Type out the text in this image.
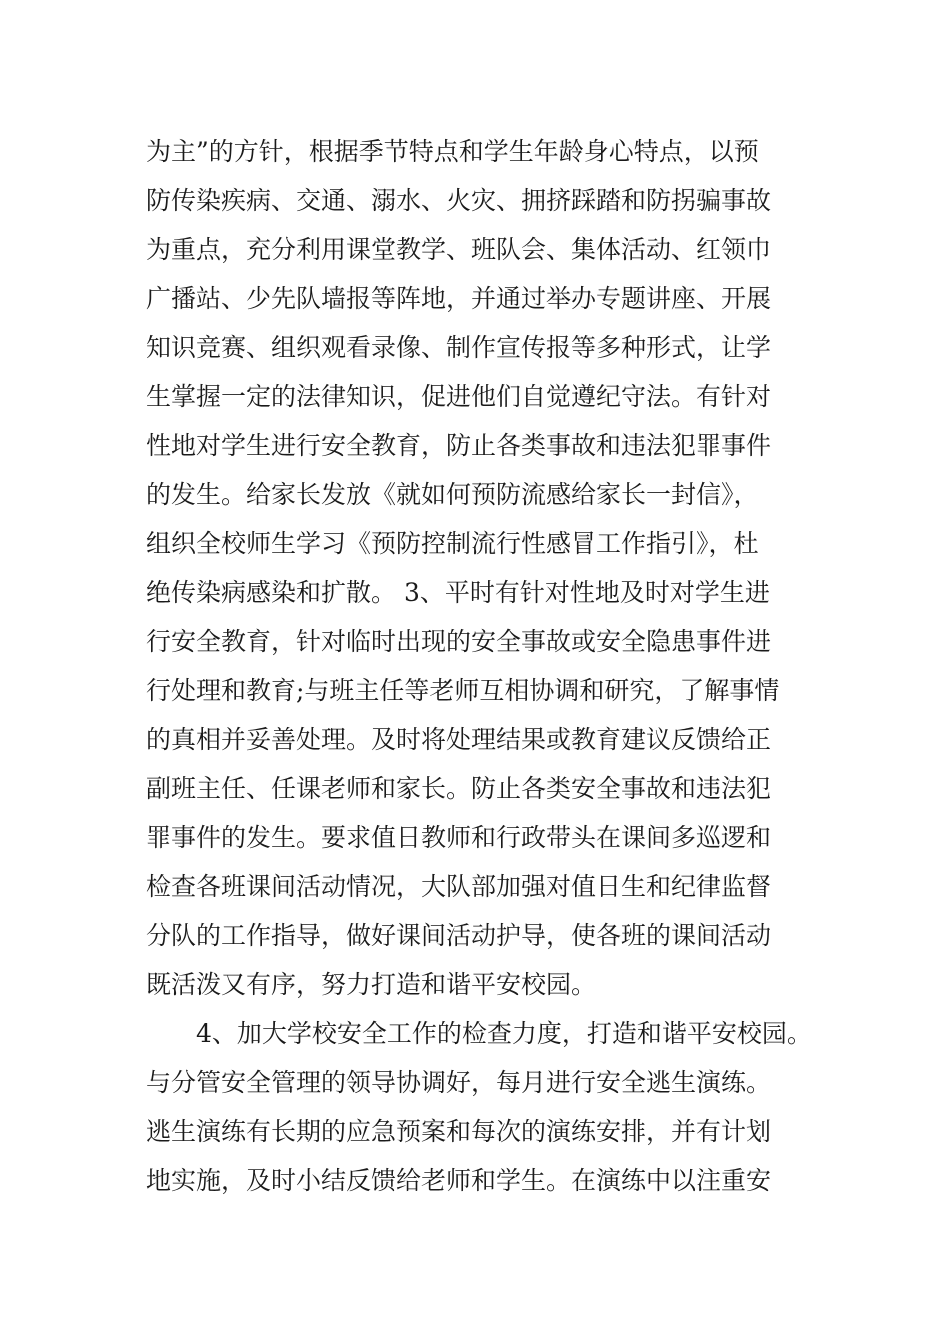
为主”的方针，根据季节特点和学生年龄身心特点，以预
防传染疾病、交通、溺水、火灾、拥挤踩踏和防拐骗事故
为重点，充分利用课堂教学、班队会、集体活动、红领巾
广播站、少先队墙报等阵地，并通过举办专题讲座、开展
知识竞赛、组织观看录像、制作宣传报等多种形式，让学
生掌握一定的法律知识，促进他们自觉遵纪守法。有针对
性地对学生进行安全教育，防止各类事故和违法犯罪事件
的发生。给家长发放《就如何预防流感给家长一封信》，
组织全校师生学习《预防控制流行性感冒工作指引》，杜
绝传染病感染和扩散。 3、平时有针对性地及时对学生进
行安全教育，针对临时出现的安全事故或安全隐患事件进
行处理和教育;与班主任等老师互相协调和研究，了解事情
的真相并妥善处理。及时将处理结果或教育建议反馈给正
副班主任、任课老师和家长。防止各类安全事故和违法犯
罪事件的发生。要求值日教师和行政带头在课间多巡逻和
检查各班课间活动情况，大队部加强对值日生和纪律监督
分队的工作指导，做好课间活动护导，使各班的课间活动
既活泼又有序，努力打造和谐平安校园。
4、加大学校安全工作的检查力度，打造和谐平安校园。
与分管安全管理的领导协调好，每月进行安全逃生演练。
逃生演练有长期的应急预案和每次的演练安排，并有计划
地实施，及时小结反馈给老师和学生。在演练中以注重安
